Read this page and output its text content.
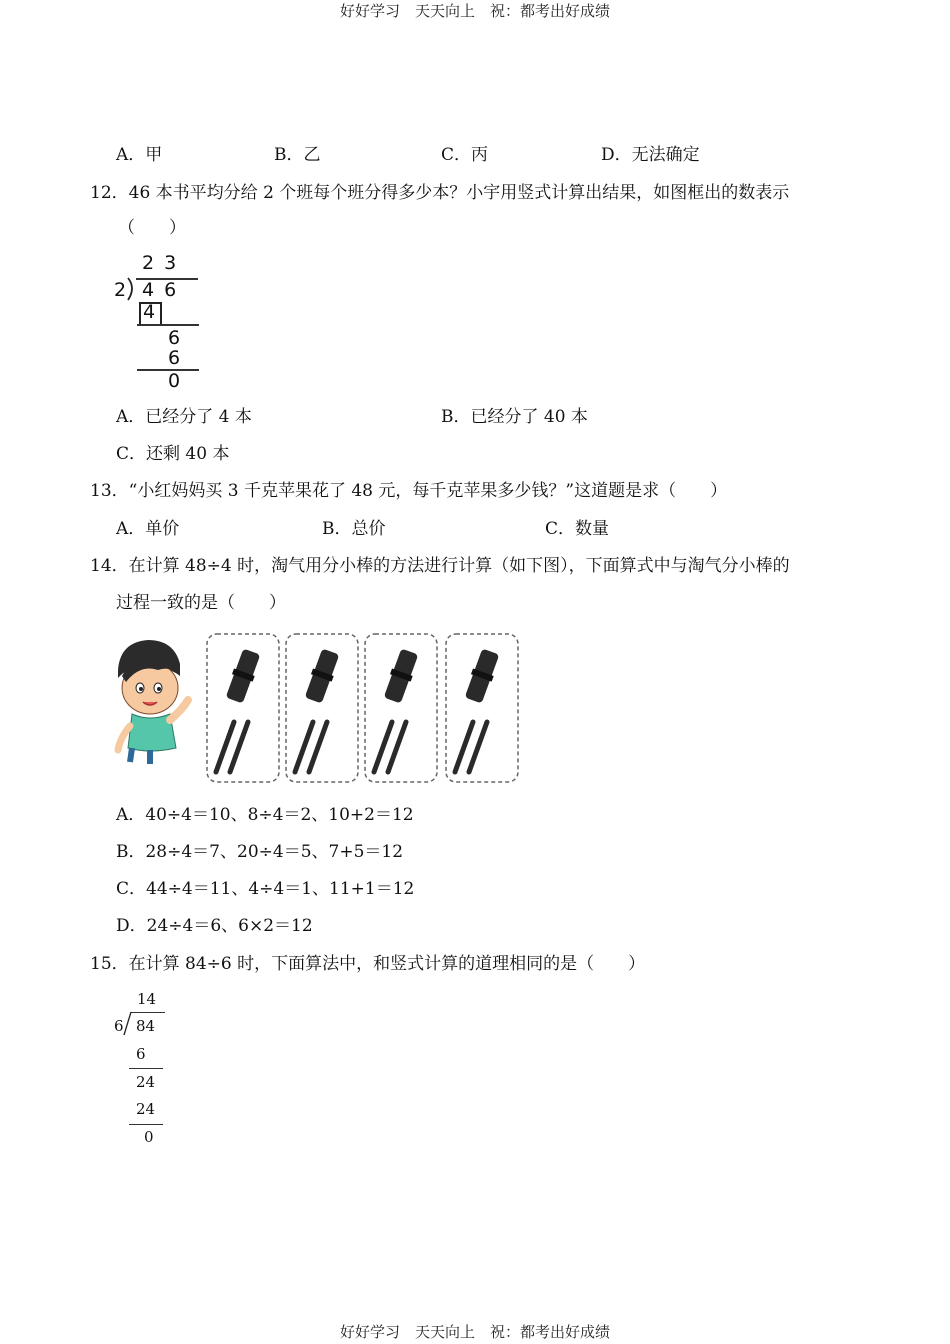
好好学习　天天向上　祝：都考出好成绩
A．甲	B．乙	C．丙	D．无法确定
12．46 本书平均分给 2 个班每个班分得多少本？小宇用竖式计算出结果，如图框出的数表示
（　　）
2 3
2 4 6
4
6
6
0
A．已经分了 4 本	B．已经分了 40 本
C．还剩 40 本
13．“小红妈妈买 3 千克苹果花了 48 元，每千克苹果多少钱？”这道题是求（　　）
A．单价	B．总价	C．数量
14．在计算 48÷4 时，淘气用分小棒的方法进行计算（如下图），下面算式中与淘气分小棒的
过程一致的是（　　）
A．40÷4＝10、8÷4＝2、10+2＝12
B．28÷4＝7、20÷4＝5、7+5＝12
C．44÷4＝11、4÷4＝1、11+1＝12
D．24÷4＝6、6×2＝12
15．在计算 84÷6 时，下面算法中，和竖式计算的道理相同的是（　　）
14
6 84
6
24
24
0
好好学习　天天向上　祝：都考出好成绩
